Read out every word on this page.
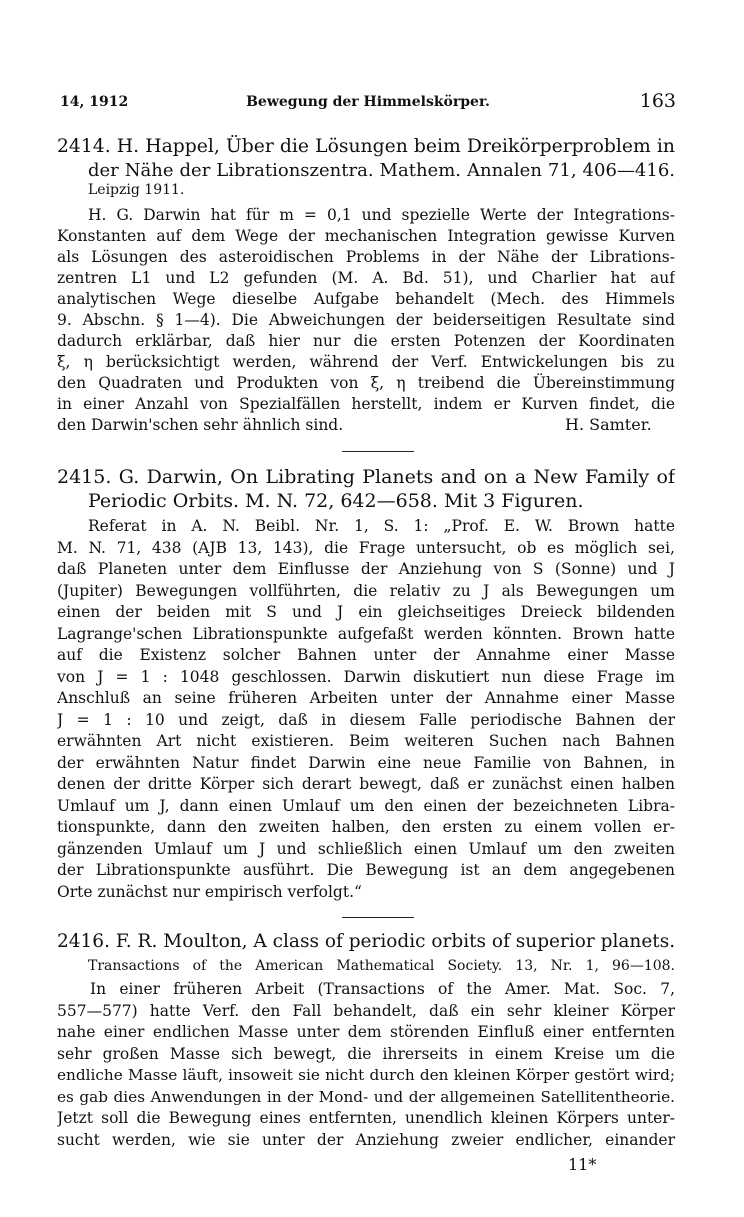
14, 1912	Bewegung der Himmelskörper.	163
2414. H. Happel, Über die Lösungen beim Dreikörperproblem in
der Nähe der Librationszentra. Mathem. Annalen 71, 406—416.
Leipzig 1911.
H. G. Darwin hat für m = 0,1 und spezielle Werte der Integrations-
Konstanten auf dem Wege der mechanischen Integration gewisse Kurven
als Lösungen des asteroidischen Problems in der Nähe der Librations-
zentren L1 und L2 gefunden (M. A. Bd. 51), und Charlier hat auf
analytischen Wege dieselbe Aufgabe behandelt (Mech. des Himmels
9. Abschn. § 1—4). Die Abweichungen der beiderseitigen Resultate sind
dadurch erklärbar, daß hier nur die ersten Potenzen der Koordinaten
ξ, η berücksichtigt werden, während der Verf. Entwickelungen bis zu
den Quadraten und Produkten von ξ, η treibend die Übereinstimmung
in einer Anzahl von Spezialfällen herstellt, indem er Kurven findet, die
den Darwin'schen sehr ähnlich sind.	H. Samter.
2415. G. Darwin, On Librating Planets and on a New Family of
Periodic Orbits. M. N. 72, 642—658. Mit 3 Figuren.
Referat in A. N. Beibl. Nr. 1, S. 1: „Prof. E. W. Brown hatte
M. N. 71, 438 (AJB 13, 143), die Frage untersucht, ob es möglich sei,
daß Planeten unter dem Einflusse der Anziehung von S (Sonne) und J
(Jupiter) Bewegungen vollführten, die relativ zu J als Bewegungen um
einen der beiden mit S und J ein gleichseitiges Dreieck bildenden
Lagrange'schen Librationspunkte aufgefaßt werden könnten. Brown hatte
auf die Existenz solcher Bahnen unter der Annahme einer Masse
von J = 1 : 1048 geschlossen. Darwin diskutiert nun diese Frage im
Anschluß an seine früheren Arbeiten unter der Annahme einer Masse
J = 1 : 10 und zeigt, daß in diesem Falle periodische Bahnen der
erwähnten Art nicht existieren. Beim weiteren Suchen nach Bahnen
der erwähnten Natur findet Darwin eine neue Familie von Bahnen, in
denen der dritte Körper sich derart bewegt, daß er zunächst einen halben
Umlauf um J, dann einen Umlauf um den einen der bezeichneten Libra-
tionspunkte, dann den zweiten halben, den ersten zu einem vollen er-
gänzenden Umlauf um J und schließlich einen Umlauf um den zweiten
der Librationspunkte ausführt. Die Bewegung ist an dem angegebenen
Orte zunächst nur empirisch verfolgt.“
2416. F. R. Moulton, A class of periodic orbits of superior planets.
Transactions of the American Mathematical Society. 13, Nr. 1, 96—108.
In einer früheren Arbeit (Transactions of the Amer. Mat. Soc. 7,
557—577) hatte Verf. den Fall behandelt, daß ein sehr kleiner Körper
nahe einer endlichen Masse unter dem störenden Einfluß einer entfernten
sehr großen Masse sich bewegt, die ihrerseits in einem Kreise um die
endliche Masse läuft, insoweit sie nicht durch den kleinen Körper gestört wird;
es gab dies Anwendungen in der Mond- und der allgemeinen Satellitentheorie.
Jetzt soll die Bewegung eines entfernten, unendlich kleinen Körpers unter-
sucht werden, wie sie unter der Anziehung zweier endlicher, einander
11*
